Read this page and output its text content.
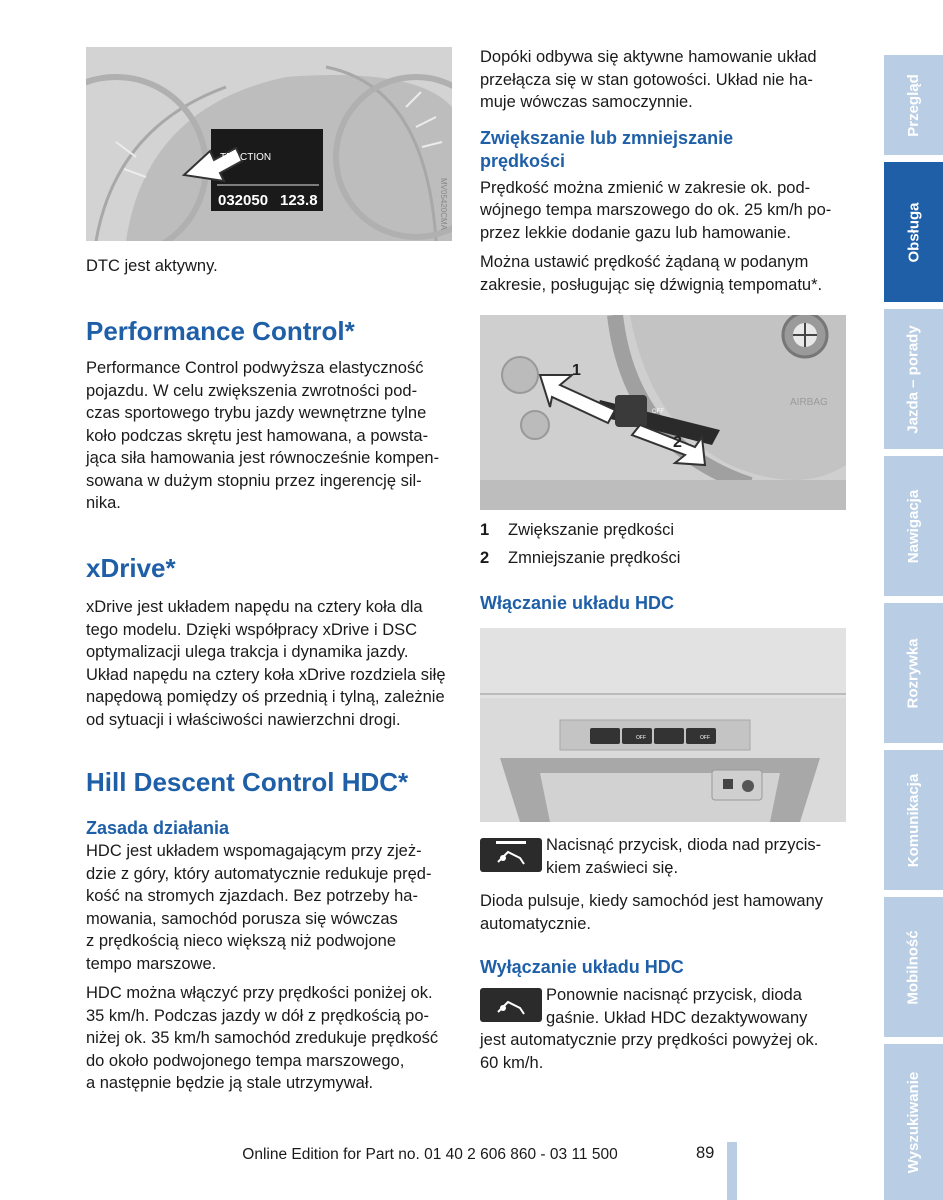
TRACTION
032050 123.8	MV05420CMA

DTC jest aktywny.

Performance Control*

Performance Control podwyższa elastyczność
pojazdu. W celu zwiększenia zwrotności pod-
czas sportowego trybu jazdy wewnętrzne tylne
koło podczas skrętu jest hamowana, a powsta-
jąca siła hamowania jest równocześnie kompen-
sowana w dużym stopniu przez ingerencję sil-
nika.

xDrive*

xDrive jest układem napędu na cztery koła dla
tego modelu. Dzięki współpracy xDrive i DSC
optymalizacji ulega trakcja i dynamika jazdy.
Układ napędu na cztery koła xDrive rozdziela siłę
napędową pomiędzy oś przednią i tylną, zależnie
od sytuacji i właściwości nawierzchni drogi.

Hill Descent Control HDC*
Zasada działania

HDC jest układem wspomagającym przy zjeż-
dzie z góry, który automatycznie redukuje pręd-
kość na stromych zjazdach. Bez potrzeby ha-
mowania, samochód porusza się wówczas
z prędkością nieco większą niż podwojone
tempo marszowe.

HDC można włączyć przy prędkości poniżej ok.
35 km/h. Podczas jazdy w dół z prędkością po-
niżej ok. 35 km/h samochód zredukuje prędkość
do około podwojonego tempa marszowego,
a następnie będzie ją stale utrzymywał.

Dopóki odbywa się aktywne hamowanie układ
przełącza się w stan gotowości. Układ nie ha-
muje wówczas samoczynnie.

Zwiększanie lub zmniejszanie
prędkości

Prędkość można zmienić w zakresie ok. pod-
wójnego tempa marszowego do ok. 25 km/h po-
przez lekkie dodanie gazu lub hamowanie.

Można ustawić prędkość żądaną w podanym
zakresie, posługując się dźwignią tempomatu*.

AIRBAG
1
2
OFF
1 Zwiększanie prędkości
2 Zmniejszanie prędkości
Włączanie układu HDC
OFF	OFF

Nacisnąć przycisk, dioda nad przycis-
kiem zaświeci się.

Dioda pulsuje, kiedy samochód jest hamowany
automatycznie.

Wyłączanie układu HDC

Ponownie nacisnąć przycisk, dioda
gaśnie. Układ HDC dezaktywowany

jest automatycznie przy prędkości powyżej ok.
60 km/h.

Przegląd
Obsługa
Jazda – porady
Nawigacja
Rozrywka
Komunikacja
Mobilność
Wyszukiwanie
89
Online Edition for Part no. 01 40 2 606 860 - 03 11 500
